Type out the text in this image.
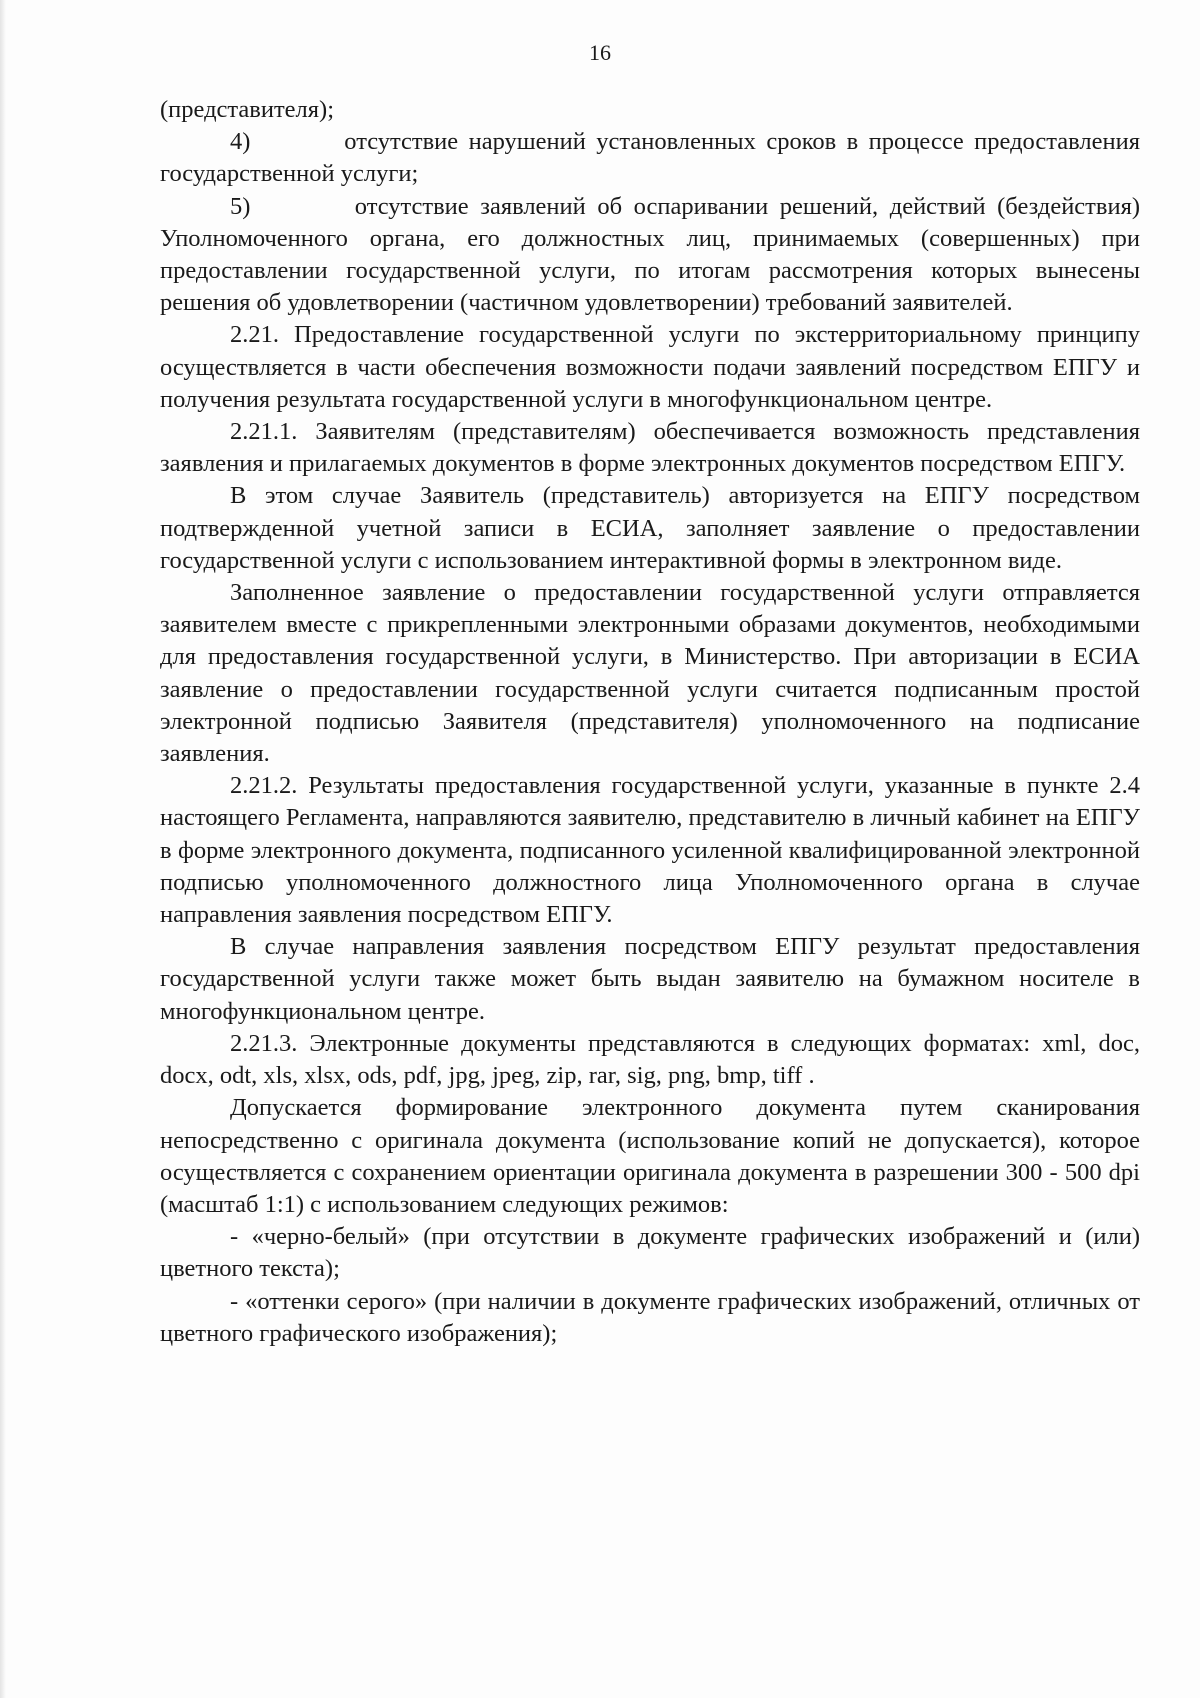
16

(представителя);

4)         отсутствие нарушений установленных сроков в процессе предоставления государственной услуги;

5)         отсутствие заявлений об оспаривании решений, действий (бездействия) Уполномоченного органа, его должностных лиц, принимаемых (совершенных) при предоставлении государственной услуги, по итогам рассмотрения которых вынесены решения об удовлетворении (частичном удовлетворении) требований заявителей.

2.21. Предоставление государственной услуги по экстерриториальному принципу осуществляется в части обеспечения возможности подачи заявлений посредством ЕПГУ и получения результата государственной услуги в многофункциональном центре.

2.21.1. Заявителям (представителям) обеспечивается возможность представления заявления и прилагаемых документов в форме электронных документов посредством ЕПГУ.

В этом случае Заявитель (представитель) авторизуется на ЕПГУ посредством подтвержденной учетной записи в ЕСИА, заполняет заявление о предоставлении государственной услуги с использованием интерактивной формы в электронном виде.

Заполненное заявление о предоставлении государственной услуги отправляется заявителем вместе с прикрепленными электронными образами документов, необходимыми для предоставления государственной услуги, в Министерство. При авторизации в ЕСИА заявление о предоставлении государственной услуги считается подписанным простой электронной подписью Заявителя (представителя) уполномоченного на подписание заявления.

2.21.2. Результаты предоставления государственной услуги, указанные в пункте 2.4 настоящего Регламента, направляются заявителю, представителю в личный кабинет на ЕПГУ в форме электронного документа, подписанного усиленной квалифицированной электронной подписью уполномоченного должностного лица Уполномоченного органа в случае направления заявления посредством ЕПГУ.

В случае направления заявления посредством ЕПГУ результат предоставления государственной услуги также может быть выдан заявителю на бумажном носителе в многофункциональном центре.

2.21.3. Электронные документы представляются в следующих форматах: xml, doc, docx, odt, xls, xlsx, ods, pdf, jpg, jpeg, zip, rar, sig, png, bmp, tiff .

Допускается формирование электронного документа путем сканирования непосредственно с оригинала документа (использование копий не допускается), которое осуществляется с сохранением ориентации оригинала документа в разрешении 300 - 500 dpi (масштаб 1:1) с использованием следующих режимов:

- «черно-белый» (при отсутствии в документе графических изображений и (или) цветного текста);

- «оттенки серого» (при наличии в документе графических изображений, отличных от цветного графического изображения);
